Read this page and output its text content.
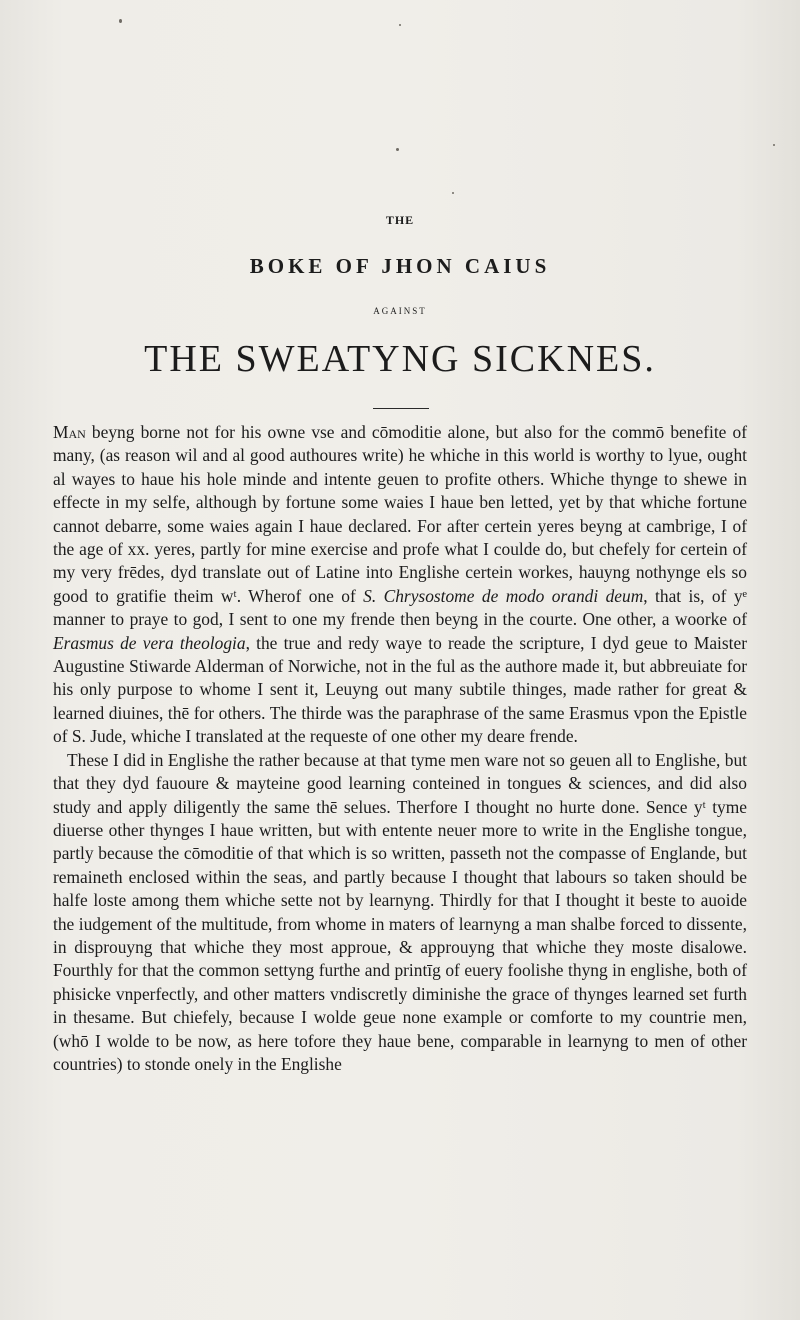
THE
BOKE OF JHON CAIUS
AGAINST
THE SWEATYNG SICKNES.

Man beyng borne not for his owne vse and cōmoditie alone, but also for the commō benefite of many, (as reason wil and al good authoures write) he whiche in this world is worthy to lyue, ought al wayes to haue his hole minde and intente geuen to profite others. Whiche thynge to shewe in effecte in my selfe, although by fortune some waies I haue ben letted, yet by that whiche fortune cannot debarre, some waies again I haue declared. For after certein yeres beyng at cambrige, I of the age of xx. yeres, partly for mine exercise and profe what I coulde do, but chefely for certein of my very frēdes, dyd translate out of Latine into Englishe certein workes, hauyng nothynge els so good to gratifie theim wᵗ. Wherof one of S. Chrysostome de modo orandi deum, that is, of yᵉ manner to praye to god, I sent to one my frende then beyng in the courte. One other, a woorke of Erasmus de vera theologia, the true and redy waye to reade the scripture, I dyd geue to Maister Augustine Stiwarde Alderman of Norwiche, not in the ful as the authore made it, but abbreuiate for his only purpose to whome I sent it, Leuyng out many subtile thinges, made rather for great & learned diuines, thē for others. The thirde was the paraphrase of the same Erasmus vpon the Epistle of S. Jude, whiche I translated at the requeste of one other my deare frende.

These I did in Englishe the rather because at that tyme men ware not so geuen all to Englishe, but that they dyd fauoure & mayteine good learning conteined in tongues & sciences, and did also study and apply diligently the same thē selues. Therfore I thought no hurte done. Sence yᵗ tyme diuerse other thynges I haue written, but with entente neuer more to write in the Englishe tongue, partly because the cōmoditie of that which is so written, passeth not the compasse of Englande, but remaineth enclosed within the seas, and partly because I thought that labours so taken should be halfe loste among them whiche sette not by learnyng. Thirdly for that I thought it beste to auoide the iudgement of the multitude, from whome in maters of learnyng a man shalbe forced to dissente, in disprouyng that whiche they most approue, & approuyng that whiche they moste disalowe. Fourthly for that the common settyng furthe and printīg of euery foolishe thyng in englishe, both of phisicke vnperfectly, and other matters vndiscretly diminishe the grace of thynges learned set furth in thesame. But chiefely, because I wolde geue none example or comforte to my countrie men, (whō I wolde to be now, as here tofore they haue bene, comparable in learnyng to men of other countries) to stonde onely in the Englishe
